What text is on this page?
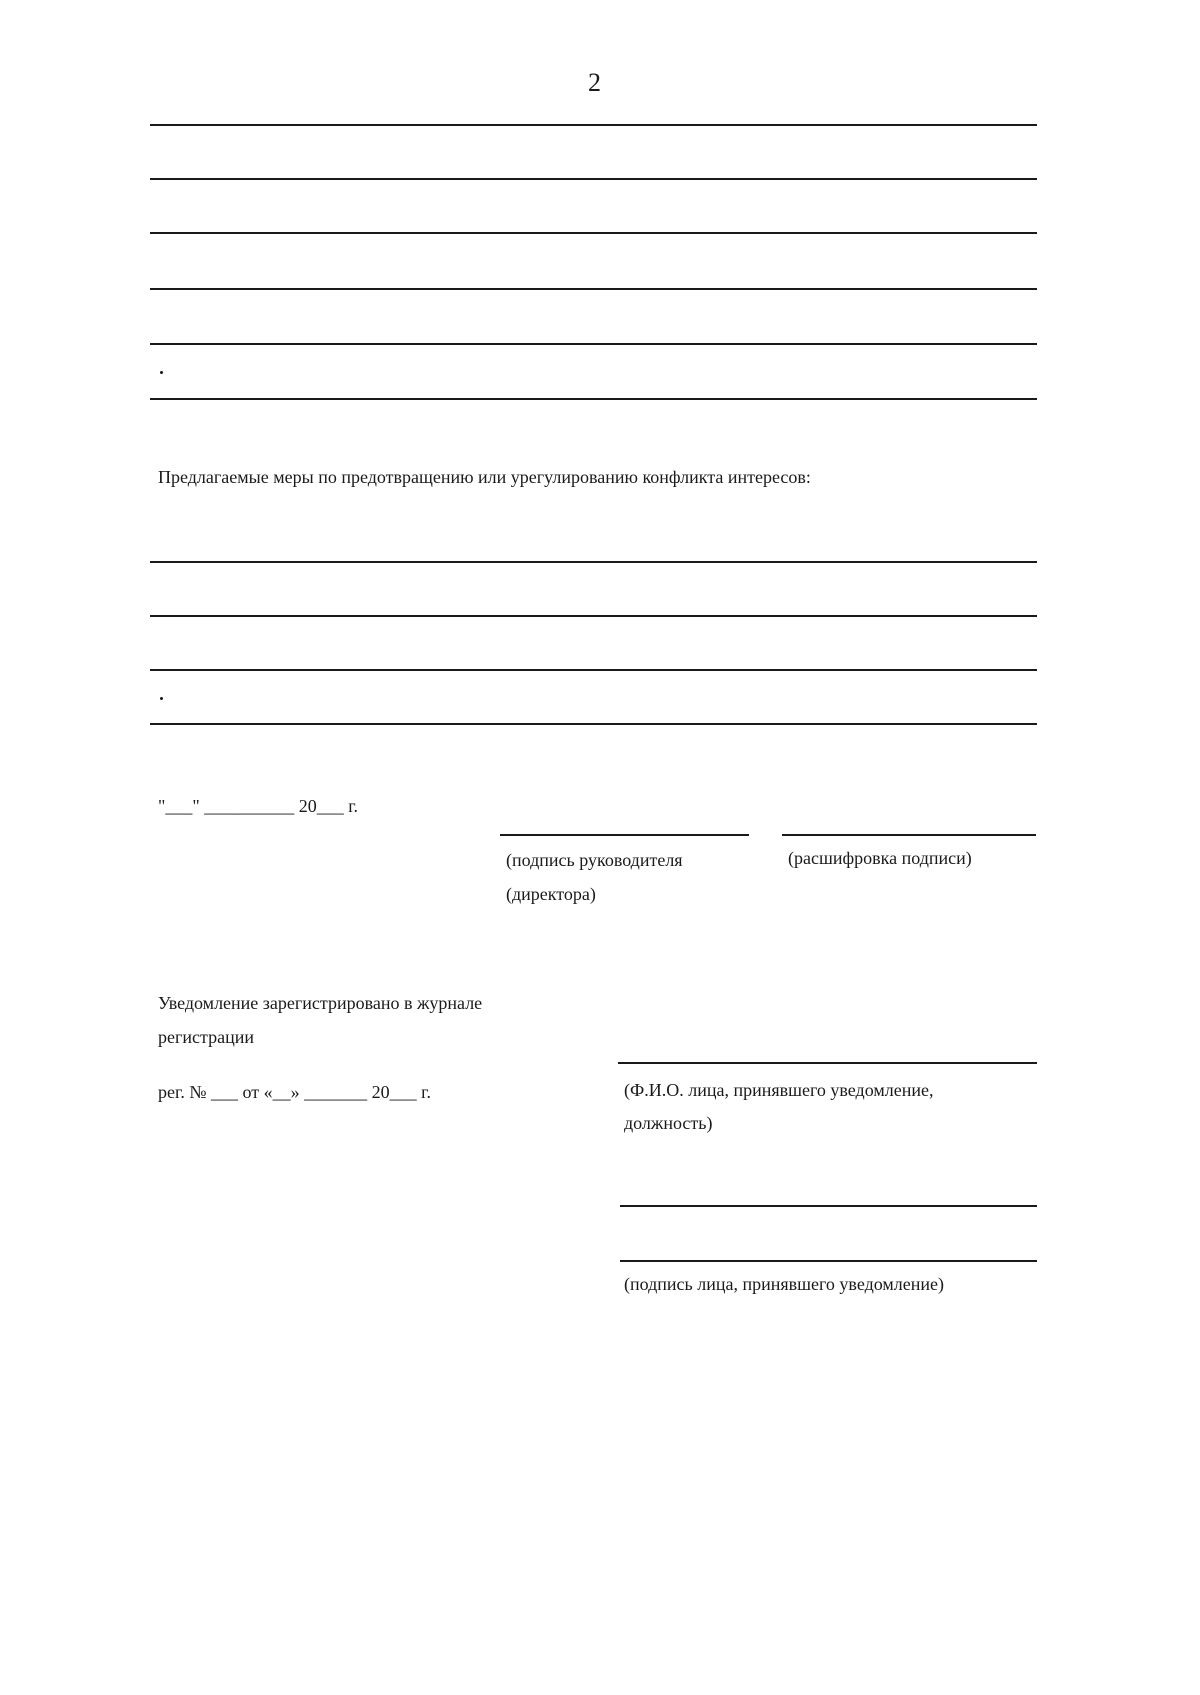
2
Предлагаемые меры по предотвращению или урегулированию конфликта интересов:
"___" __________ 20___ г.
(подпись руководителя
(директора)
(расшифровка подписи)
Уведомление зарегистрировано в журнале
регистрации
рег. № ___ от «__» _______ 20___ г.	(Ф.И.О. лица, принявшего уведомление,
должность)
(подпись лица, принявшего уведомление)
